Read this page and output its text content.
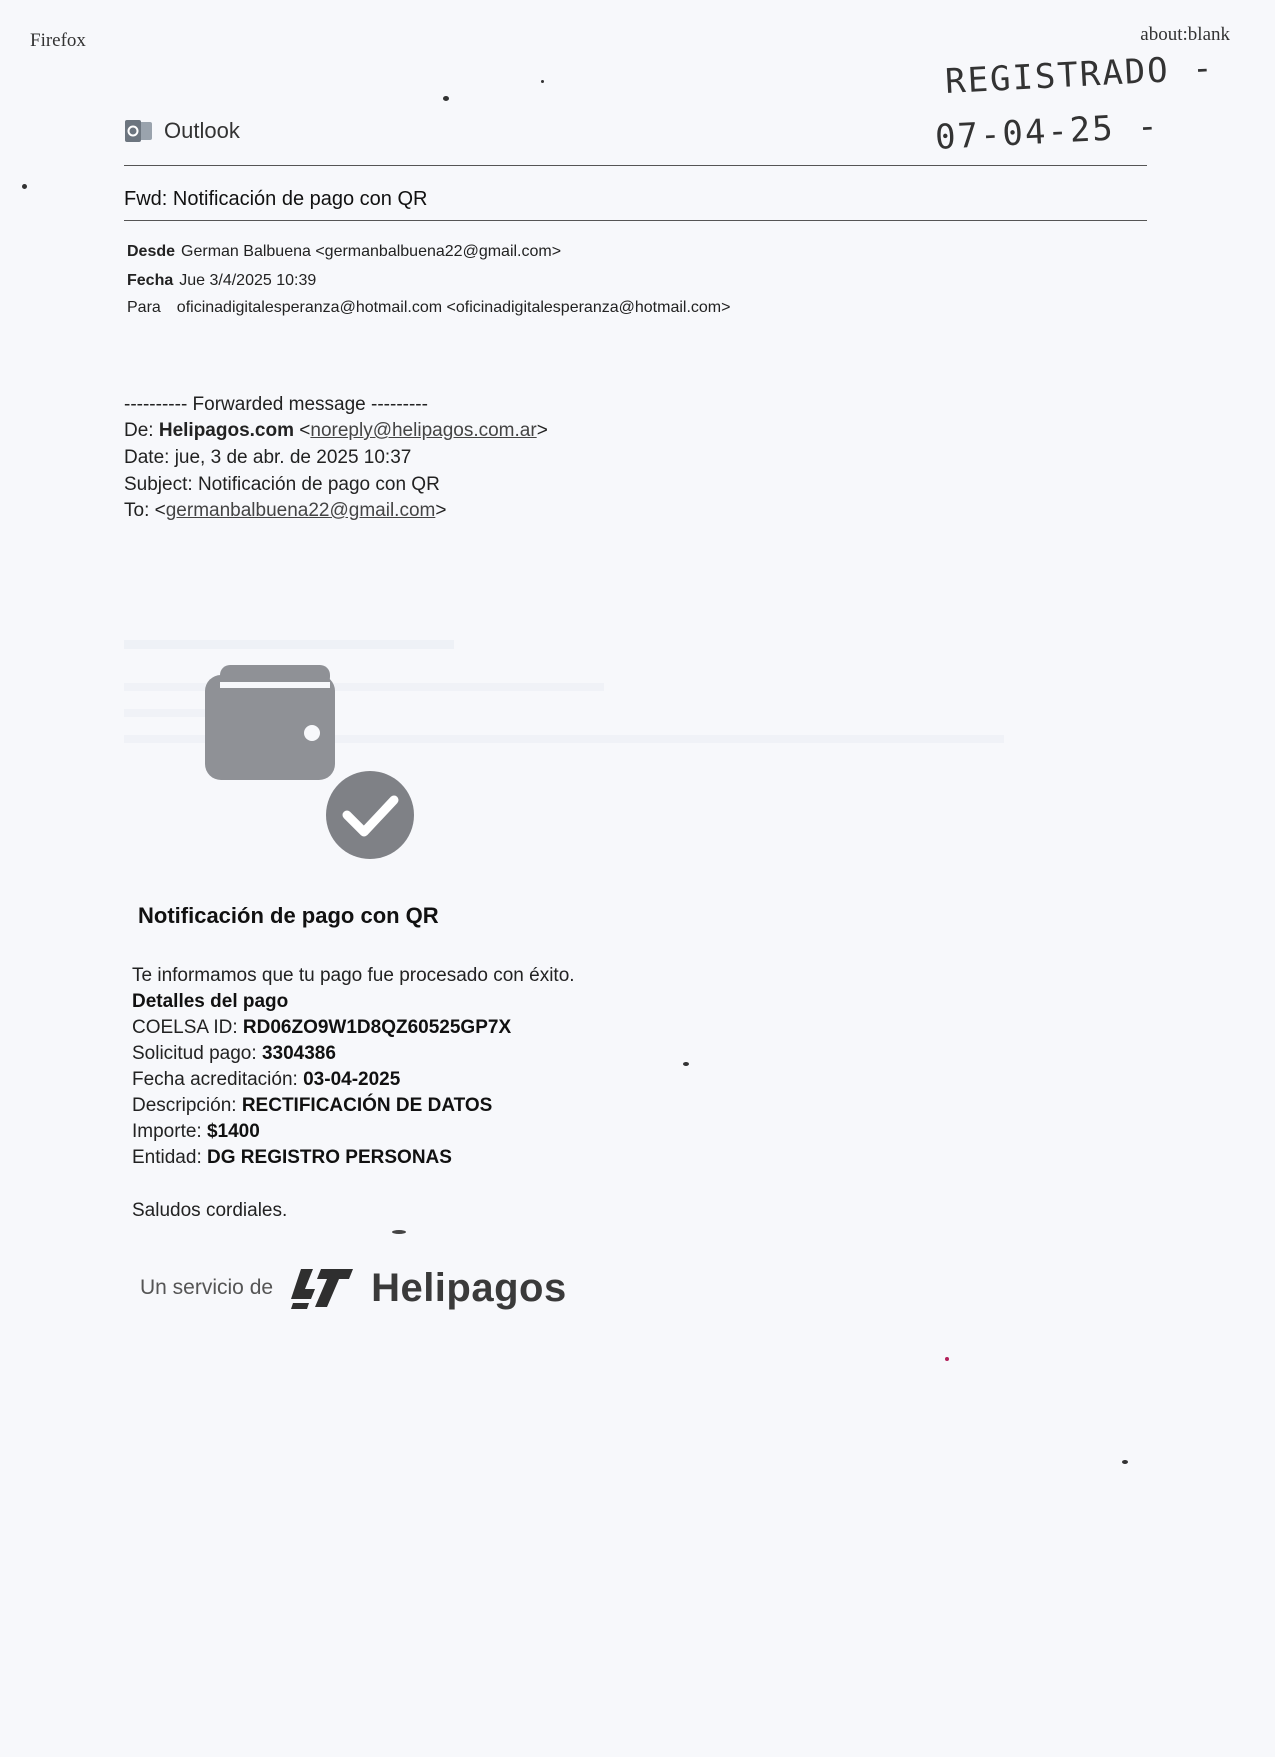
Firefox	about:blank
REGISTRADO -
07-04-25 -
Outlook
Fwd: Notificación de pago con QR
Desde German Balbuena <germanbalbuena22@gmail.com>
Fecha Jue 3/4/2025 10:39
Para oficinadigitalesperanza@hotmail.com <oficinadigitalesperanza@hotmail.com>
---------- Forwarded message ---------
De: Helipagos.com <noreply@helipagos.com.ar>
Date: jue, 3 de abr. de 2025 10:37
Subject: Notificación de pago con QR
To: <germanbalbuena22@gmail.com>
Notificación de pago con QR
Te informamos que tu pago fue procesado con éxito.
Detalles del pago
COELSA ID: RD06ZO9W1D8QZ60525GP7X
Solicitud pago: 3304386
Fecha acreditación: 03-04-2025
Descripción: RECTIFICACIÓN DE DATOS
Importe: $1400
Entidad: DG REGISTRO PERSONAS
Saludos cordiales.
Un servicio de Helipagos
